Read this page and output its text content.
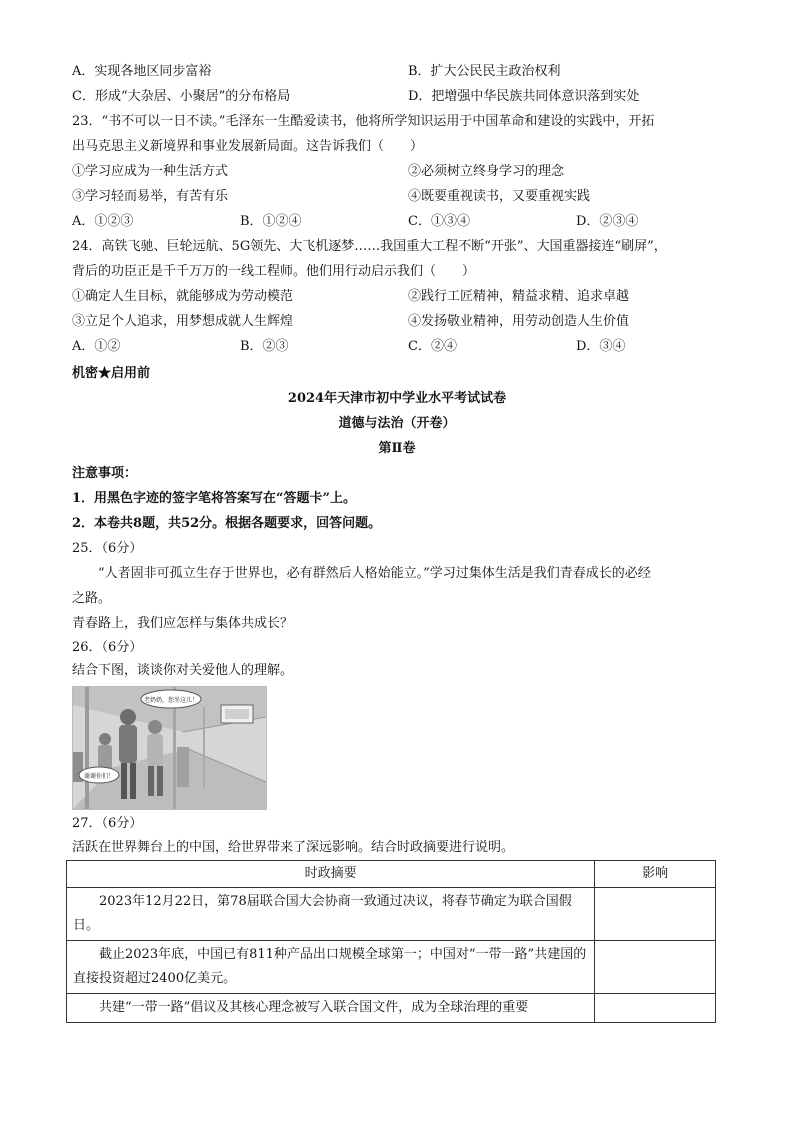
A．实现各地区同步富裕	B．扩大公民民主政治权利
C．形成“大杂居、小聚居”的分布格局	D．把增强中华民族共同体意识落到实处
23．“书不可以一日不读。”毛泽东一生酷爱读书，他将所学知识运用于中国革命和建设的实践中，开拓
出马克思主义新境界和事业发展新局面。这告诉我们（　　）
①学习应成为一种生活方式	②必须树立终身学习的理念
③学习轻而易举，有苦有乐	④既要重视读书，又要重视实践
A．①②③	B．①②④	C．①③④	D．②③④
24．高铁飞驰、巨轮远航、5G领先、大飞机逐梦……我国重大工程不断“开张”、大国重器接连“刷屏”，
背后的功臣正是千千万万的一线工程师。他们用行动启示我们（　　）
①确定人生目标，就能够成为劳动模范	②践行工匠精神，精益求精、追求卓越
③立足个人追求，用梦想成就人生辉煌	④发扬敬业精神，用劳动创造人生价值
A．①②	B．②③	C．②④	D．③④
机密★启用前
2024年天津市初中学业水平考试试卷
道德与法治（开卷）
第Ⅱ卷
注意事项：
1．用黑色字迹的签字笔将答案写在“答题卡”上。
2．本卷共8题，共52分。根据各题要求，回答问题。
25．（6分）
“人者固非可孤立生存于世界也，必有群然后人格始能立。”学习过集体生活是我们青春成长的必经
之路。
青春路上，我们应怎样与集体共成长？
26．（6分）
结合下图，谈谈你对关爱他人的理解。
老奶奶，您坐这儿！
谢谢你们！
27．（6分）
活跃在世界舞台上的中国，给世界带来了深远影响。结合时政摘要进行说明。
时政摘要	影响
2023年12月22日，第78届联合国大会协商一致通过决议，将春节确定为联合国假日。	
截止2023年底，中国已有811种产品出口规模全球第一；中国对“一带一路”共建国的直接投资超过2400亿美元。	
共建“一带一路”倡议及其核心理念被写入联合国文件，成为全球治理的重要	
